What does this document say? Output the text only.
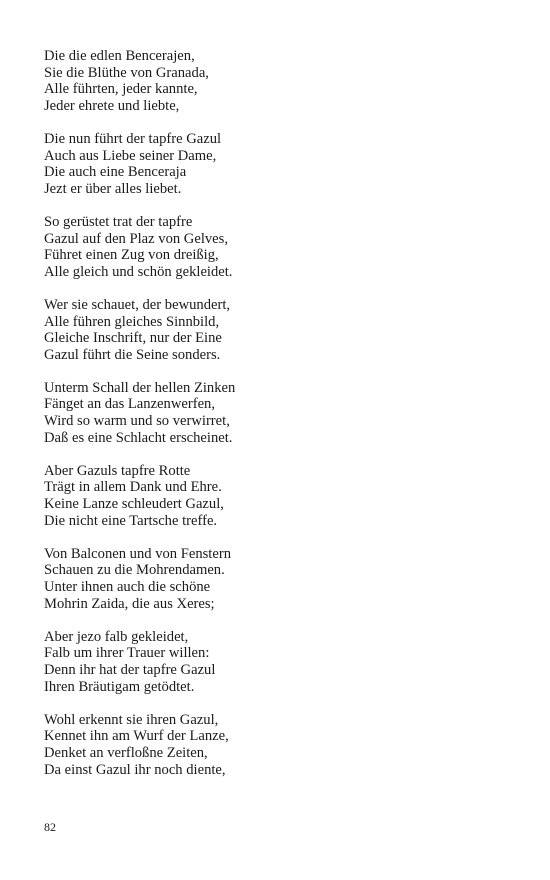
Die die edlen Bencerajen,
Sie die Blüthe von Granada,
Alle führten, jeder kannte,
Jeder ehrete und liebte,
Die nun führt der tapfre Gazul
Auch aus Liebe seiner Dame,
Die auch eine Benceraja
Jezt er über alles liebet.
So gerüstet trat der tapfre
Gazul auf den Plaz von Gelves,
Führet einen Zug von dreißig,
Alle gleich und schön gekleidet.
Wer sie schauet, der bewundert,
Alle führen gleiches Sinnbild,
Gleiche Inschrift, nur der Eine
Gazul führt die Seine sonders.
Unterm Schall der hellen Zinken
Fänget an das Lanzenwerfen,
Wird so warm und so verwirret,
Daß es eine Schlacht erscheinet.
Aber Gazuls tapfre Rotte
Trägt in allem Dank und Ehre.
Keine Lanze schleudert Gazul,
Die nicht eine Tartsche treffe.
Von Balconen und von Fenstern
Schauen zu die Mohrendamen.
Unter ihnen auch die schöne
Mohrin Zaida, die aus Xeres;
Aber jezo falb gekleidet,
Falb um ihrer Trauer willen:
Denn ihr hat der tapfre Gazul
Ihren Bräutigam getödtet.
Wohl erkennt sie ihren Gazul,
Kennet ihn am Wurf der Lanze,
Denket an verfloßne Zeiten,
Da einst Gazul ihr noch diente,
82
